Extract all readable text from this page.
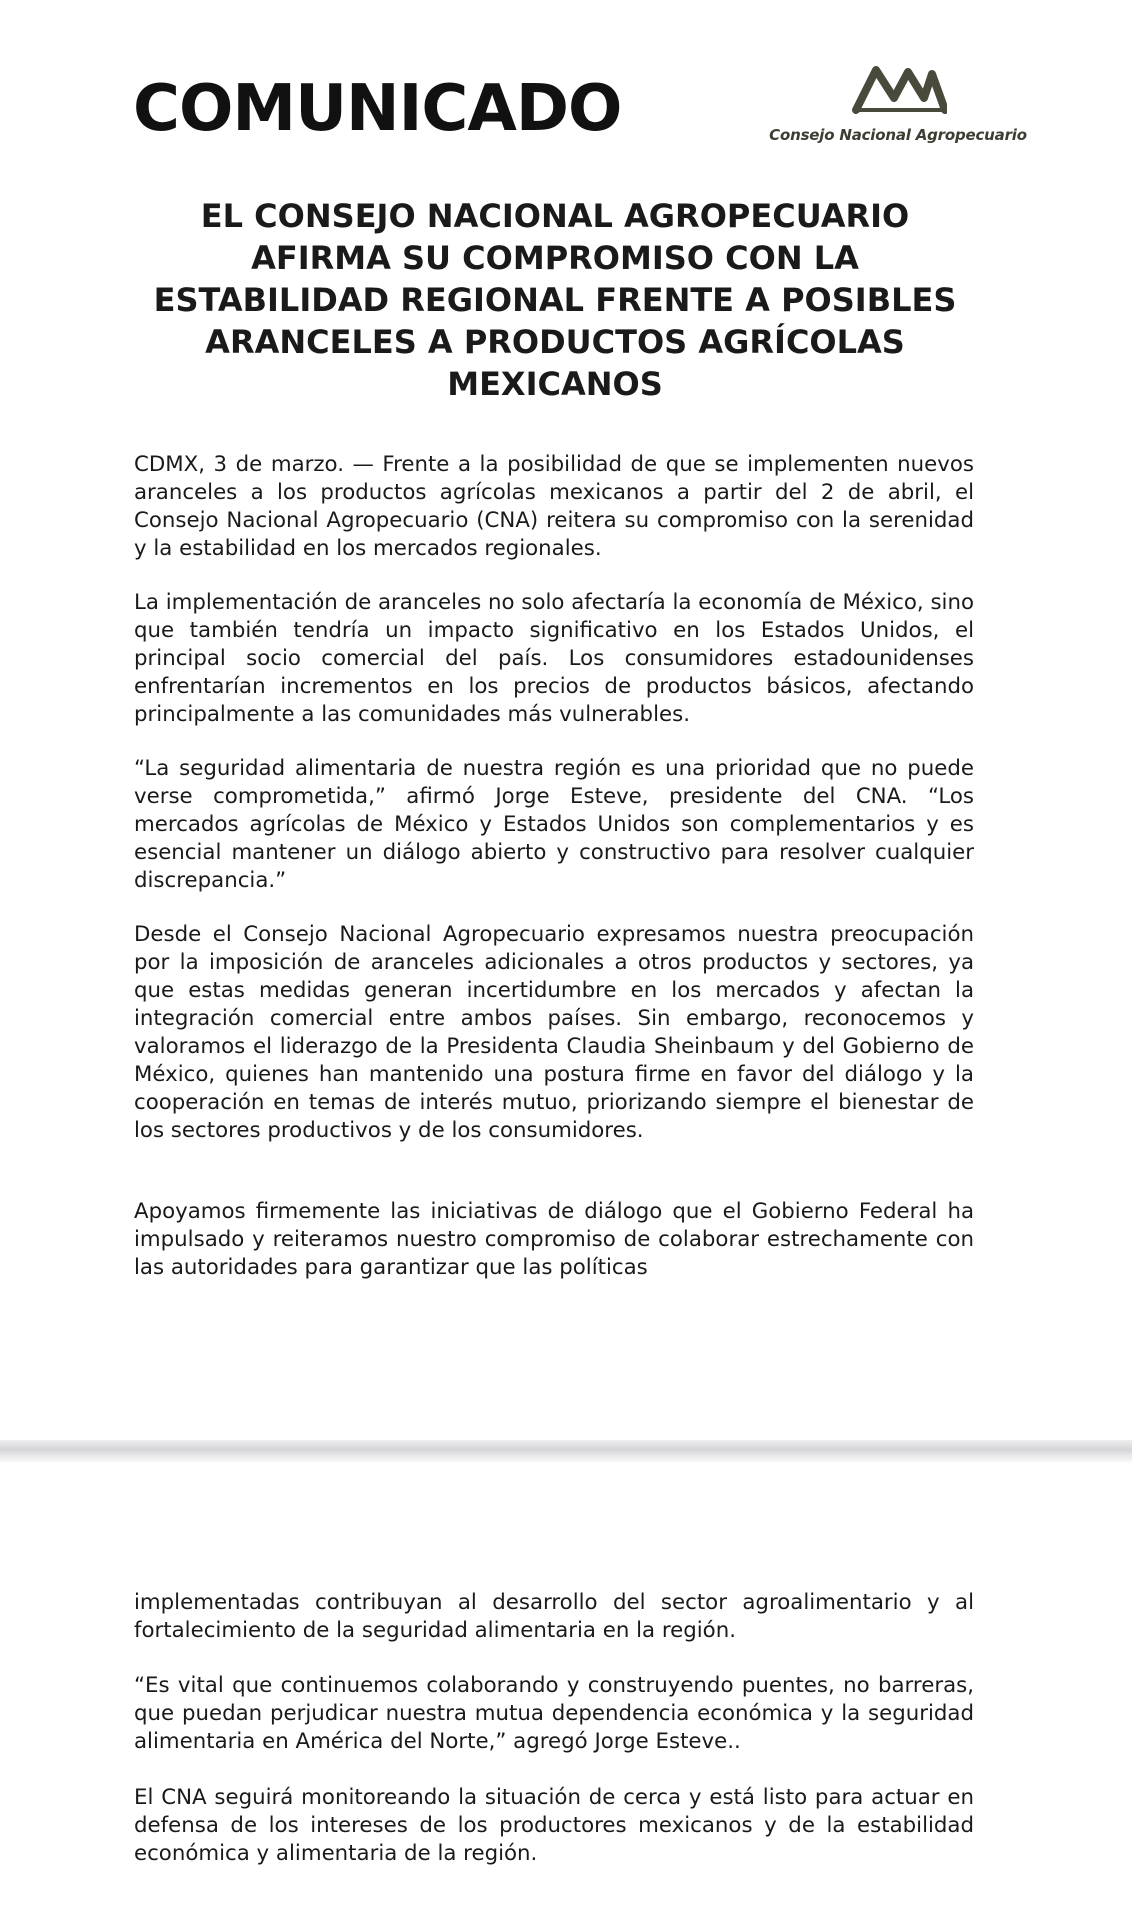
COMUNICADO	Consejo Nacional Agropecuario
EL CONSEJO NACIONAL AGROPECUARIO AFIRMA SU COMPROMISO CON LA ESTABILIDAD REGIONAL FRENTE A POSIBLES ARANCELES A PRODUCTOS AGRÍCOLAS MEXICANOS

CDMX, 3 de marzo. — Frente a la posibilidad de que se implementen nuevos aranceles a los productos agrícolas mexicanos a partir del 2 de abril, el Consejo Nacional Agropecuario (CNA) reitera su compromiso con la serenidad y la estabilidad en los mercados regionales.

La implementación de aranceles no solo afectaría la economía de México, sino que también tendría un impacto significativo en los Estados Unidos, el principal socio comercial del país. Los consumidores estadounidenses enfrentarían incrementos en los precios de productos básicos, afectando principalmente a las comunidades más vulnerables.

“La seguridad alimentaria de nuestra región es una prioridad que no puede verse comprometida,” afirmó Jorge Esteve, presidente del CNA. “Los mercados agrícolas de México y Estados Unidos son complementarios y es esencial mantener un diálogo abierto y constructivo para resolver cualquier discrepancia.”

Desde el Consejo Nacional Agropecuario expresamos nuestra preocupación por la imposición de aranceles adicionales a otros productos y sectores, ya que estas medidas generan incertidumbre en los mercados y afectan la integración comercial entre ambos países. Sin embargo, reconocemos y valoramos el liderazgo de la Presidenta Claudia Sheinbaum y del Gobierno de México, quienes han mantenido una postura firme en favor del diálogo y la cooperación en temas de interés mutuo, priorizando siempre el bienestar de los sectores productivos y de los consumidores.

Apoyamos firmemente las iniciativas de diálogo que el Gobierno Federal ha impulsado y reiteramos nuestro compromiso de colaborar estrechamente con las autoridades para garantizar que las políticas

implementadas contribuyan al desarrollo del sector agroalimentario y al fortalecimiento de la seguridad alimentaria en la región.

“Es vital que continuemos colaborando y construyendo puentes, no barreras, que puedan perjudicar nuestra mutua dependencia económica y la seguridad alimentaria en América del Norte,” agregó Jorge Esteve..

El CNA seguirá monitoreando la situación de cerca y está listo para actuar en defensa de los intereses de los productores mexicanos y de la estabilidad económica y alimentaria de la región.
